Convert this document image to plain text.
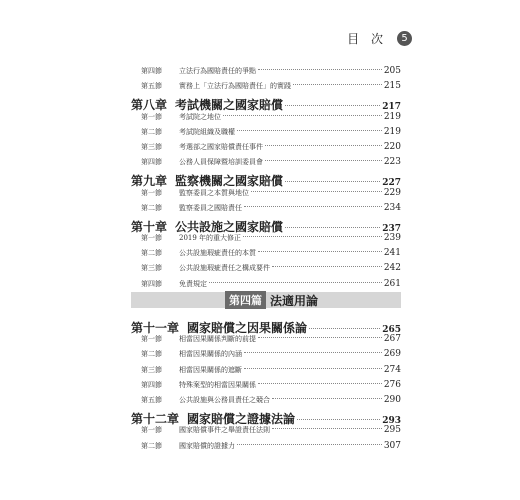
目 次	5
第四節	立法行為國賠責任的爭點	205
第五節	實務上「立法行為國賠責任」的實踐	215
第八章 考試機關之國家賠償	217
第一節	考試院之地位	219
第二節	考試院組織及職權	219
第三節	考選部之國家賠償責任事件	220
第四節	公務人員保障暨培訓委員會	223
第九章 監察機關之國家賠償	227
第一節	監察委員之本質與地位	229
第二節	監察委員之國賠責任	234
第十章 公共設施之國家賠償	237
第一節	2019 年的重大修正	239
第二節	公共設施瑕疵責任的本質	241
第三節	公共設施瑕疵責任之構成要件	242
第四節	免責規定	261
第四篇 法適用論
第十一章 國家賠償之因果關係論	265
第一節	相當因果關係判斷的前提	267
第二節	相當因果關係的內涵	269
第三節	相當因果關係的遮斷	274
第四節	特殊案型的相當因果關係	276
第五節	公共設施與公務員責任之競合	290
第十二章 國家賠償之證據法論	293
第一節	國家賠償事件之舉證責任法則	295
第二節	國家賠償的證據力	307
